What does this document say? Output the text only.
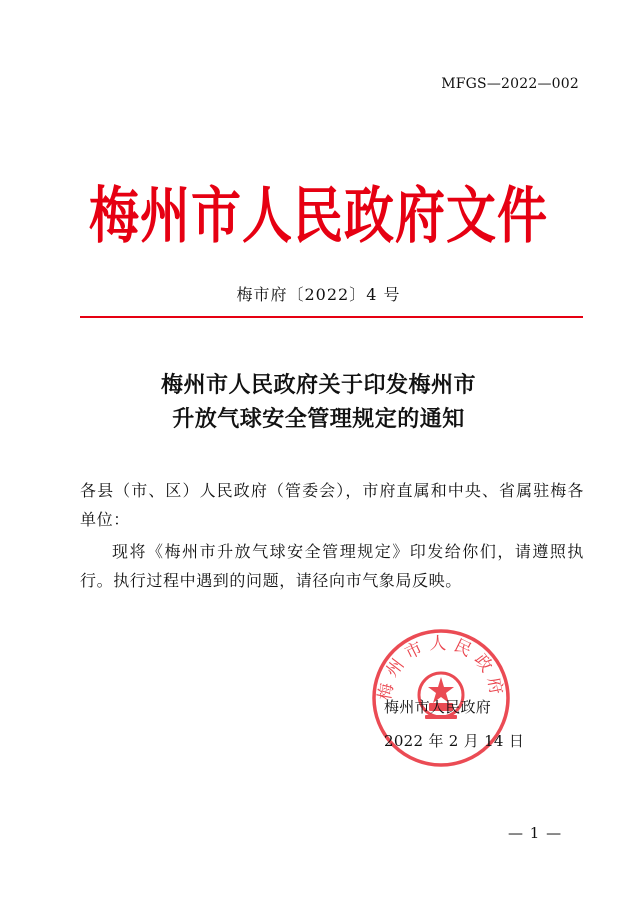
MFGS—2022—002
梅州市人民政府文件
梅市府〔2022〕4 号
梅州市人民政府关于印发梅州市
升放气球安全管理规定的通知
各县（市、区）人民政府（管委会），市府直属和中央、省属驻梅各单位：
现将《梅州市升放气球安全管理规定》印发给你们，请遵照执行。执行过程中遇到的问题，请径向市气象局反映。
梅州市人民政府
梅州市人民政府
2022 年 2 月 14 日
— 1 —
